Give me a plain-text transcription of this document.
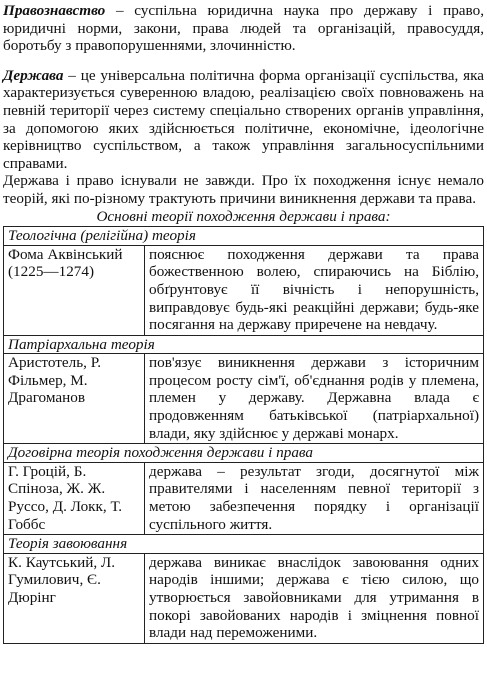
Правознавство – суспільна юридична наука про державу і право, юридичні норми, закони, права людей та організацій, правосуддя, боротьбу з правопорушеннями, злочинністю.

Держава – це універсальна політична форма організації суспільства, яка характеризується суверенною владою, реалізацією своїх повноважень на певній території через систему спеціально створених органів управління, за допомогою яких здійснюється політичне, економічне, ідеологічне керівництво суспільством, а також управління загальносуспільними справами.

Держава і право існували не завжди. Про їх походження існує немало теорій, які по-різному трактують причини виникнення держави та права.

Основні теорії походження держави і права:
Теологічна (релігійна) теорія	
Фома Аквінський (1225—1274)	пояснює походження держави та права божественною волею, спираючись на Біблію, обґрунтовує її вічність і непорушність, виправдовує будь-які реакційні держави; будь-яке посягання на державу приречене на невдачу.
Патріархальна теорія	
Аристотель, Р. Фільмер, М. Драгоманов	пов'язує виникнення держави з історичним процесом росту сім'ї, об'єднання родів у племена, племен у державу. Державна влада є продовженням батьківської (патріархальної) влади, яку здійснює у державі монарх.
Договірна теорія походження держави і права	
Г. Гроцій, Б. Спіноза, Ж. Ж. Руссо, Д. Локк, Т. Гоббс	держава – результат згоди, досягнутої між правителями і населенням певної території з метою забезпечення порядку і організації суспільного життя.
Теорія завоювання	
К. Каутський, Л. Гумилович, Є. Дюрінг	держава виникає внаслідок завоювання одних народів іншими; держава є тією силою, що утворюється завойовниками для утримання в покорі завойованих народів і зміцнення повної влади над переможеними.
